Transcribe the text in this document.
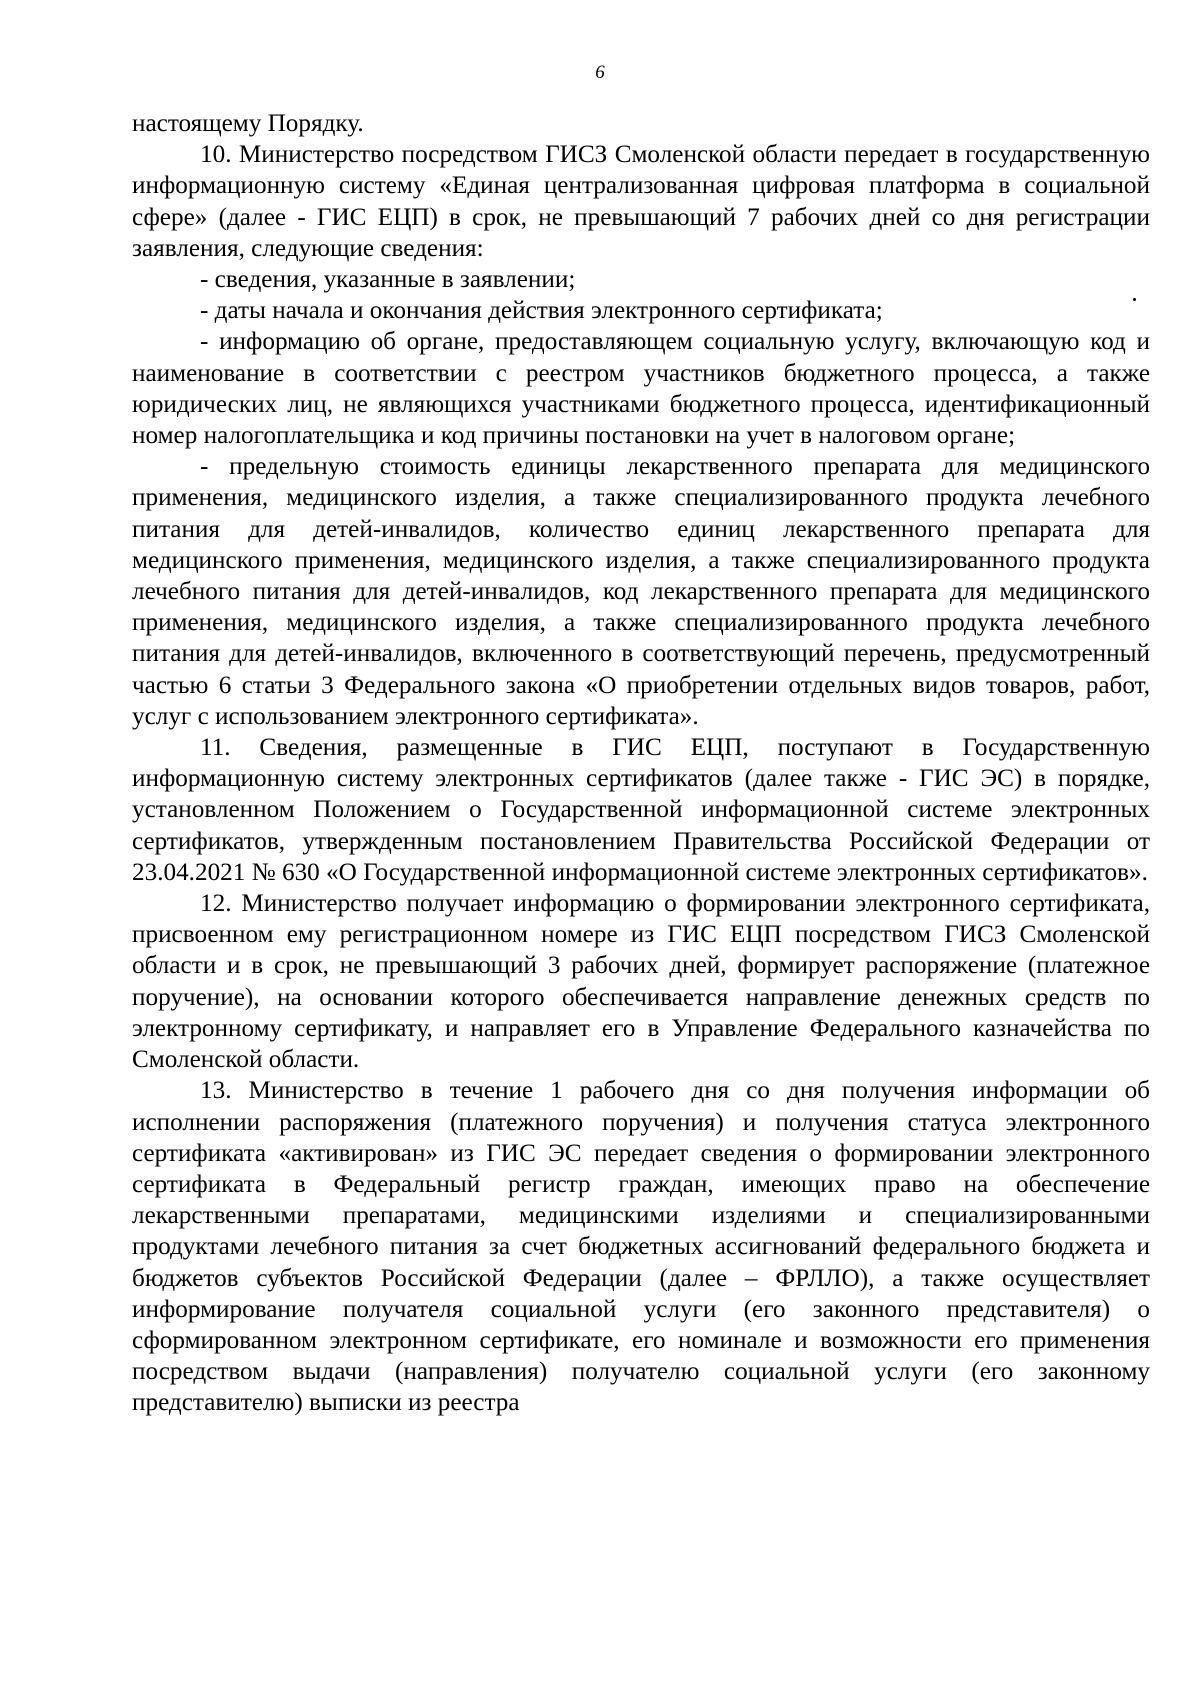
6

настоящему Порядку.

10. Министерство посредством ГИСЗ Смоленской области передает в государственную информационную систему «Единая централизованная цифровая платформа в социальной сфере» (далее - ГИС ЕЦП) в срок, не превышающий 7 рабочих дней со дня регистрации заявления, следующие сведения:

- сведения, указанные в заявлении;

- даты начала и окончания действия электронного сертификата;

- информацию об органе, предоставляющем социальную услугу, включающую код и наименование в соответствии с реестром участников бюджетного процесса, а также юридических лиц, не являющихся участниками бюджетного процесса, идентификационный номер налогоплательщика и код причины постановки на учет в налоговом органе;

- предельную стоимость единицы лекарственного препарата для медицинского применения, медицинского изделия, а также специализированного продукта лечебного питания для детей-инвалидов, количество единиц лекарственного препарата для медицинского применения, медицинского изделия, а также специализированного продукта лечебного питания для детей-инвалидов, код лекарственного препарата для медицинского применения, медицинского изделия, а также специализированного продукта лечебного питания для детей-инвалидов, включенного в соответствующий перечень, предусмотренный частью 6 статьи 3 Федерального закона «О приобретении отдельных видов товаров, работ, услуг с использованием электронного сертификата».

11. Сведения, размещенные в ГИС ЕЦП, поступают в Государственную информационную систему электронных сертификатов (далее также - ГИС ЭС) в порядке, установленном Положением о Государственной информационной системе электронных сертификатов, утвержденным постановлением Правительства Российской Федерации от 23.04.2021 № 630 «О Государственной информационной системе электронных сертификатов».

12. Министерство получает информацию о формировании электронного сертификата, присвоенном ему регистрационном номере из ГИС ЕЦП посредством ГИСЗ Смоленской области и в срок, не превышающий 3 рабочих дней, формирует распоряжение (платежное поручение), на основании которого обеспечивается направление денежных средств по электронному сертификату, и направляет его в Управление Федерального казначейства по Смоленской области.

13. Министерство в течение 1 рабочего дня со дня получения информации об исполнении распоряжения (платежного поручения) и получения статуса электронного сертификата «активирован» из ГИС ЭС передает сведения о формировании электронного сертификата в Федеральный регистр граждан, имеющих право на обеспечение лекарственными препаратами, медицинскими изделиями и специализированными продуктами лечебного питания за счет бюджетных ассигнований федерального бюджета и бюджетов субъектов Российской Федерации (далее – ФРЛЛО), а также осуществляет информирование получателя социальной услуги (его законного представителя) о сформированном электронном сертификате, его номинале и возможности его применения посредством выдачи (направления) получателю социальной услуги (его законному представителю) выписки из реестра
